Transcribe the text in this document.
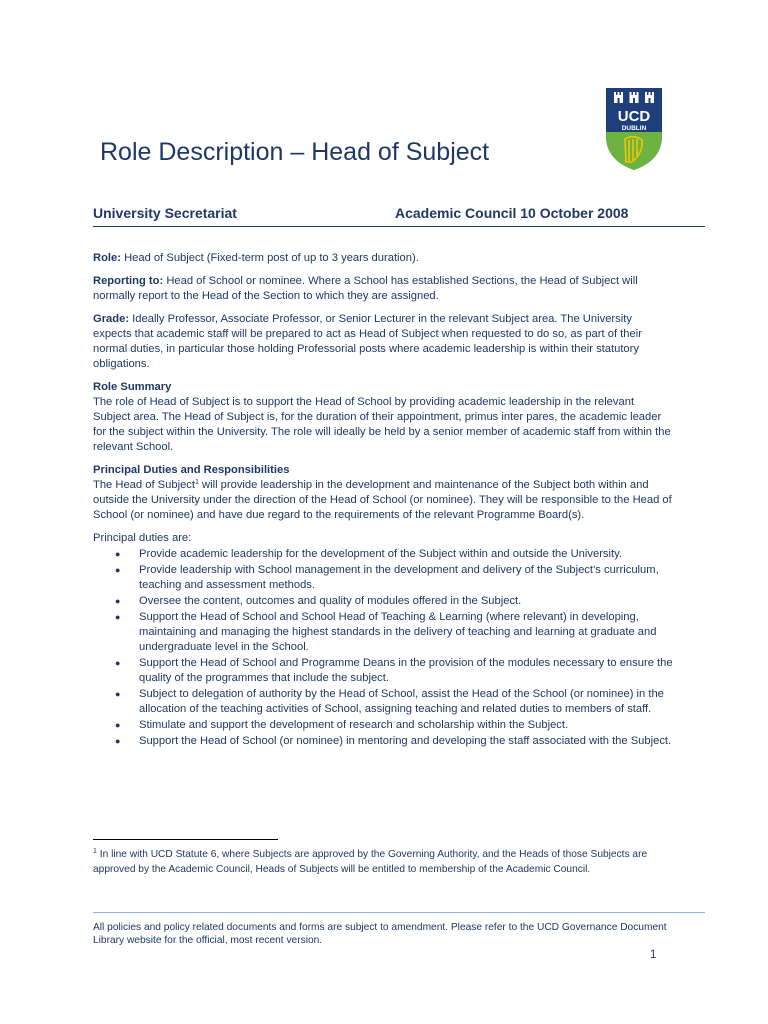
UCD
DUBLIN
Role Description – Head of Subject
University Secretariat	Academic Council 10 October 2008

Role: Head of Subject (Fixed-term post of up to 3 years duration).

Reporting to: Head of School or nominee. Where a School has established Sections, the Head of Subject will normally report to the Head of the Section to which they are assigned.

Grade: Ideally Professor, Associate Professor, or Senior Lecturer in the relevant Subject area. The University expects that academic staff will be prepared to act as Head of Subject when requested to do so, as part of their normal duties, in particular those holding Professorial posts where academic leadership is within their statutory obligations.

Role Summary

The role of Head of Subject is to support the Head of School by providing academic leadership in the relevant Subject area. The Head of Subject is, for the duration of their appointment, primus inter pares, the academic leader for the subject within the University. The role will ideally be held by a senior member of academic staff from within the relevant School.

Principal Duties and Responsibilities

The Head of Subject$^1$ will provide leadership in the development and maintenance of the Subject both within and outside the University under the direction of the Head of School (or nominee). They will be responsible to the Head of School (or nominee) and have due regard to the requirements of the relevant Programme Board(s).

Principal duties are:
● Provide academic leadership for the development of the Subject within and outside the University.
● Provide leadership with School management in the development and delivery of the Subject’s curriculum, teaching and assessment methods.
● Oversee the content, outcomes and quality of modules offered in the Subject.
● Support the Head of School and School Head of Teaching & Learning (where relevant) in developing, maintaining and managing the highest standards in the delivery of teaching and learning at graduate and undergraduate level in the School.
● Support the Head of School and Programme Deans in the provision of the modules necessary to ensure the quality of the programmes that include the subject.
● Subject to delegation of authority by the Head of School, assist the Head of the School (or nominee) in the allocation of the teaching activities of School, assigning teaching and related duties to members of staff.
● Stimulate and support the development of research and scholarship within the Subject.
● Support the Head of School (or nominee) in mentoring and developing the staff associated with the Subject.
$^1$ In line with UCD Statute 6, where Subjects are approved by the Governing Authority, and the Heads of those Subjects are approved by the Academic Council, Heads of Subjects will be entitled to membership of the Academic Council.
All policies and policy related documents and forms are subject to amendment. Please refer to the UCD Governance Document Library website for the official, most recent version.
1
